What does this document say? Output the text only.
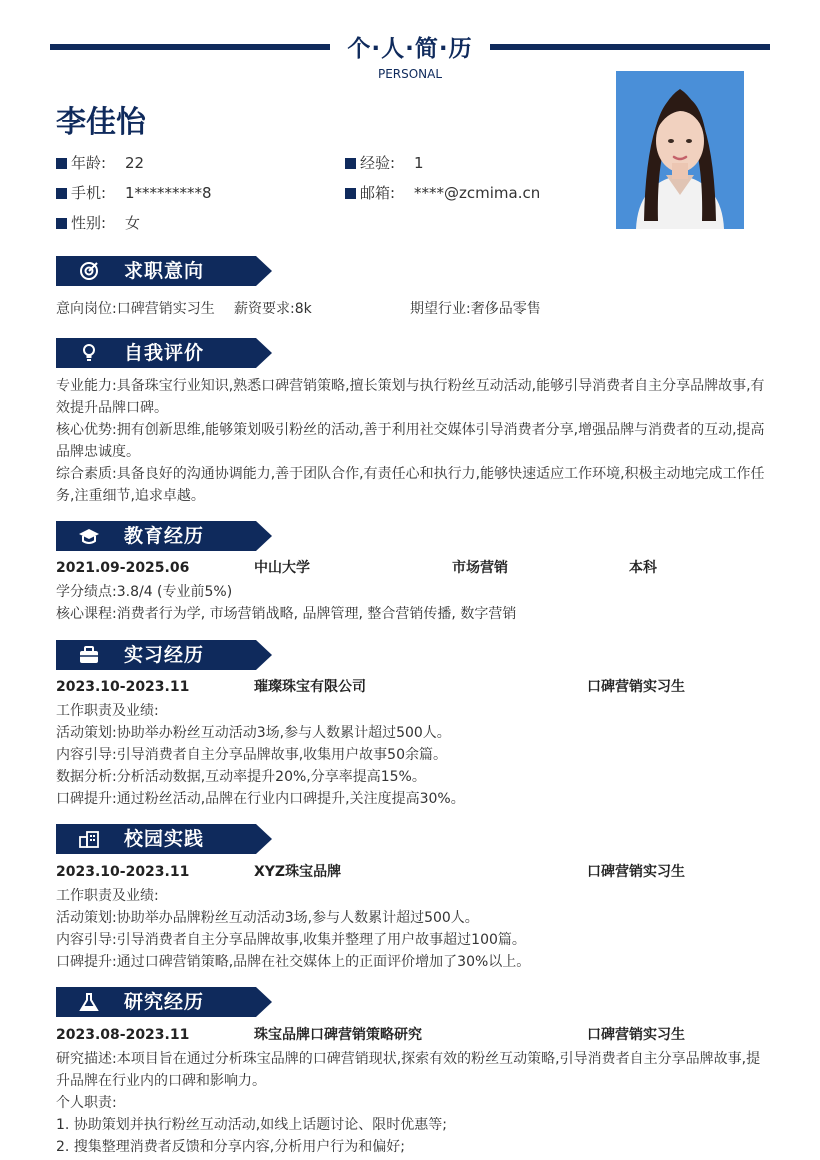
个·人·简·历
PERSONAL
李佳怡
年龄: 22	经验: 1
手机: 1*********8	邮箱: ****@zcmima.cn
性别: 女
求职意向
意向岗位:口碑营销实习生 薪资要求:8k	期望行业:奢侈品零售
自我评价

专业能力:具备珠宝行业知识,熟悉口碑营销策略,擅长策划与执行粉丝互动活动,能够引导消费者自主分享品牌故事,有效提升品牌口碑。

核心优势:拥有创新思维,能够策划吸引粉丝的活动,善于利用社交媒体引导消费者分享,增强品牌与消费者的互动,提高品牌忠诚度。

综合素质:具备良好的沟通协调能力,善于团队合作,有责任心和执行力,能够快速适应工作环境,积极主动地完成工作任务,注重细节,追求卓越。

教育经历
2021.09-2025.06	中山大学	市场营销	本科

学分绩点:3.8/4 (专业前5%)

核心课程:消费者行为学, 市场营销战略, 品牌管理, 整合营销传播, 数字营销

实习经历
2023.10-2023.11	璀璨珠宝有限公司	口碑营销实习生

工作职责及业绩:

活动策划:协助举办粉丝互动活动3场,参与人数累计超过500人。

内容引导:引导消费者自主分享品牌故事,收集用户故事50余篇。

数据分析:分析活动数据,互动率提升20%,分享率提高15%。

口碑提升:通过粉丝活动,品牌在行业内口碑提升,关注度提高30%。

校园实践
2023.10-2023.11	XYZ珠宝品牌	口碑营销实习生

工作职责及业绩:

活动策划:协助举办品牌粉丝互动活动3场,参与人数累计超过500人。

内容引导:引导消费者自主分享品牌故事,收集并整理了用户故事超过100篇。

口碑提升:通过口碑营销策略,品牌在社交媒体上的正面评价增加了30%以上。

研究经历
2023.08-2023.11	珠宝品牌口碑营销策略研究	口碑营销实习生

研究描述:本项目旨在通过分析珠宝品牌的口碑营销现状,探索有效的粉丝互动策略,引导消费者自主分享品牌故事,提升品牌在行业内的口碑和影响力。

个人职责:

1. 协助策划并执行粉丝互动活动,如线上话题讨论、限时优惠等;

2. 搜集整理消费者反馈和分享内容,分析用户行为和偏好;
